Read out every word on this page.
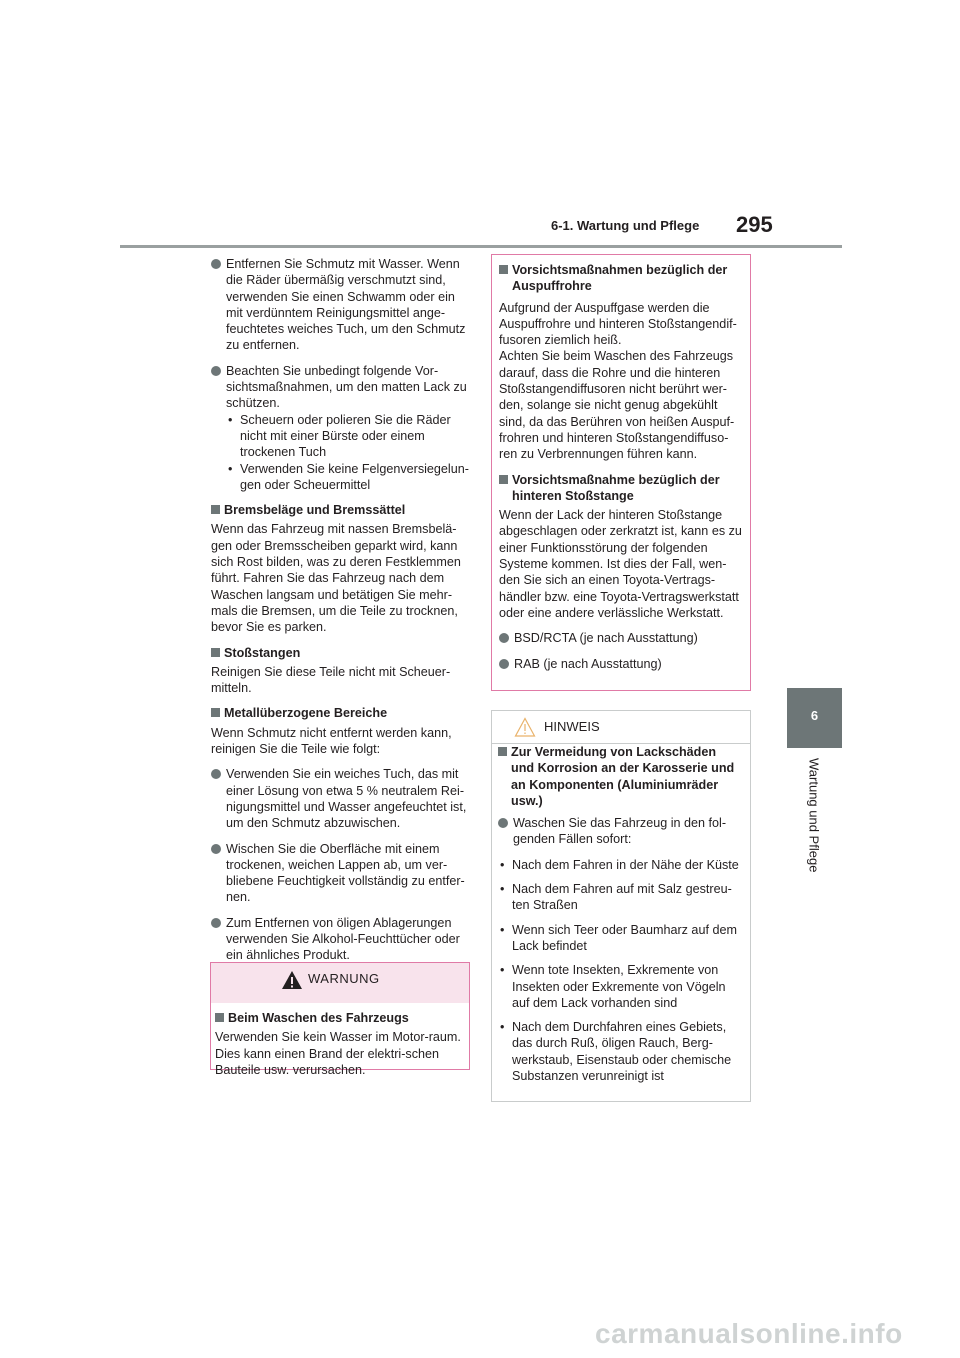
6-1. Wartung und Pflege 295
6
Wartung und Pflege
Entfernen Sie Schmutz mit Wasser. Wenn die Räder übermäßig verschmutzt sind, verwenden Sie einen Schwamm oder ein mit verdünntem Reinigungsmittel ange-feuchtetes weiches Tuch, um den Schmutz zu entfernen.
Beachten Sie unbedingt folgende Vor-sichtsmaßnahmen, um den matten Lack zu schützen.
• Scheuern oder polieren Sie die Räder nicht mit einer Bürste oder einem trockenen Tuch
• Verwenden Sie keine Felgenversiegelun-gen oder Scheuermittel
Bremsbeläge und Bremssättel

Wenn das Fahrzeug mit nassen Bremsbelä-gen oder Bremsscheiben geparkt wird, kann sich Rost bilden, was zu deren Festklemmen führt. Fahren Sie das Fahrzeug nach dem Waschen langsam und betätigen Sie mehr-mals die Bremsen, um die Teile zu trocknen, bevor Sie es parken.

Stoßstangen

Reinigen Sie diese Teile nicht mit Scheuer-mitteln.

Metallüberzogene Bereiche

Wenn Schmutz nicht entfernt werden kann, reinigen Sie die Teile wie folgt:

Verwenden Sie ein weiches Tuch, das mit einer Lösung von etwa 5 % neutralem Rei-nigungsmittel und Wasser angefeuchtet ist, um den Schmutz abzuwischen.
Wischen Sie die Oberfläche mit einem trockenen, weichen Lappen ab, um ver-bliebene Feuchtigkeit vollständig zu entfer-nen.
Zum Entfernen von öligen Ablagerungen verwenden Sie Alkohol-Feuchttücher oder ein ähnliches Produkt.
WARNUNG
Beim Waschen des Fahrzeugs

Verwenden Sie kein Wasser im Motor-raum. Dies kann einen Brand der elektri-schen Bauteile usw. verursachen.

Vorsichtsmaßnahmen bezüglich der Auspuffrohre

Aufgrund der Auspuffgase werden die Auspuffrohre und hinteren Stoßstangendif-fusoren ziemlich heiß.

Achten Sie beim Waschen des Fahrzeugs darauf, dass die Rohre und die hinteren Stoßstangendiffusoren nicht berührt wer-den, solange sie nicht genug abgekühlt sind, da das Berühren von heißen Auspuf-frohren und hinteren Stoßstangendiffuso-ren zu Verbrennungen führen kann.

Vorsichtsmaßnahme bezüglich der hinteren Stoßstange

Wenn der Lack der hinteren Stoßstange abgeschlagen oder zerkratzt ist, kann es zu einer Funktionsstörung der folgenden Systeme kommen. Ist dies der Fall, wen-den Sie sich an einen Toyota-Vertrags-händler bzw. eine Toyota-Vertragswerkstatt oder eine andere verlässliche Werkstatt.

BSD/RCTA (je nach Ausstattung)
RAB (je nach Ausstattung)
HINWEIS
Zur Vermeidung von Lackschäden und Korrosion an der Karosserie und an Komponenten (Aluminiumräder usw.)
Waschen Sie das Fahrzeug in den fol-genden Fällen sofort:
• Nach dem Fahren in der Nähe der Küste
• Nach dem Fahren auf mit Salz gestreu-ten Straßen
• Wenn sich Teer oder Baumharz auf dem Lack befindet
• Wenn tote Insekten, Exkremente von Insekten oder Exkremente von Vögeln auf dem Lack vorhanden sind
• Nach dem Durchfahren eines Gebiets, das durch Ruß, öligen Rauch, Berg-werkstaub, Eisenstaub oder chemische Substanzen verunreinigt ist
carmanualsonline.info
